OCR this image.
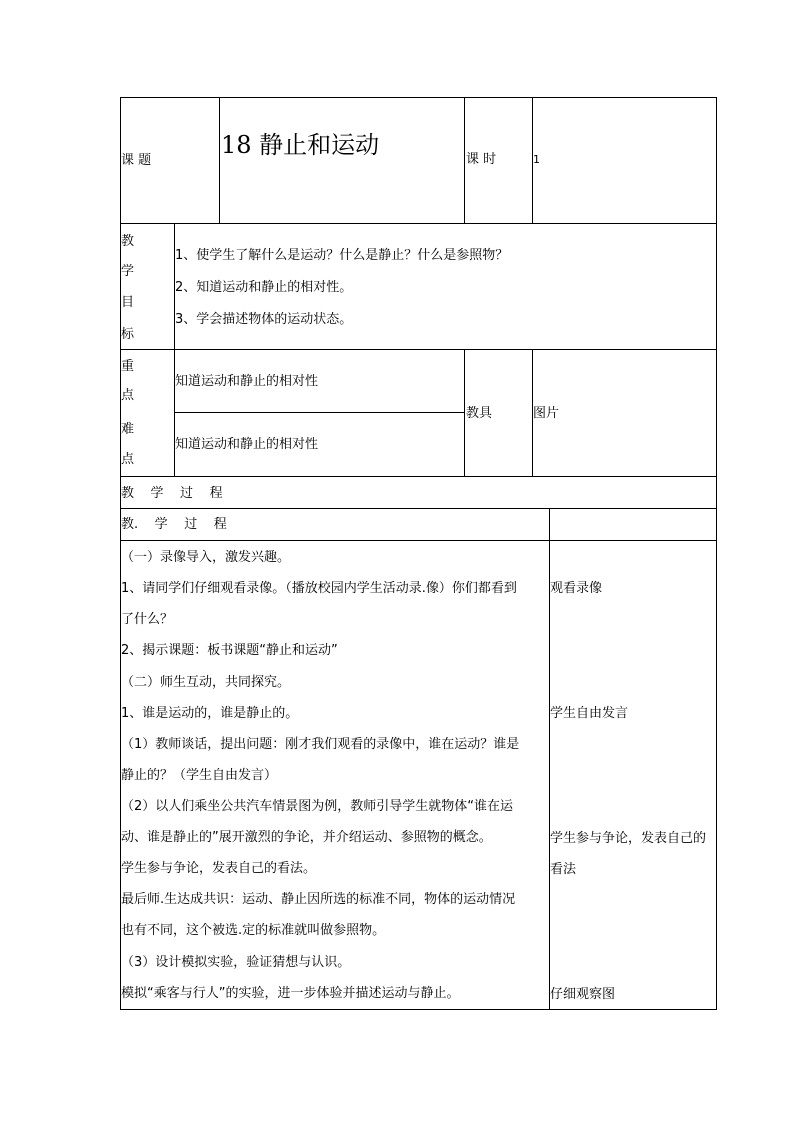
课 题
18 静止和运动
课 时	1
教
学
目
标
1、使学生了解什么是运动？什么是静止？什么是参照物？
2、知道运动和静止的相对性。
3、学会描述物体的运动状态。
重
点
知道运动和静止的相对性
难
点
知道运动和静止的相对性
教具	图片
教    学    过    程
教.    学    过    程
（一）录像导入，激发兴趣。
1、请同学们仔细观看录像。（播放校园内学生活动录.像）你们都看到
了什么？
2、揭示课题：板书课题“静止和运动”
（二）师生互动，共同探究。
1、谁是运动的，谁是静止的。
（1）教师谈话，提出问题：刚才我们观看的录像中，谁在运动？谁是
静止的？（学生自由发言）
（2）以人们乘坐公共汽车情景图为例，教师引导学生就物体“谁在运
动、谁是静止的”展开激烈的争论，并介绍运动、参照物的概念。
学生参与争论，发表自己的看法。
最后师.生达成共识：运动、静止因所选的标准不同，物体的运动情况
也有不同，这个被选.定的标准就叫做参照物。
（3）设计模拟实验，验证猜想与认识。
模拟“乘客与行人”的实验，进一步体验并描述运动与静止。
观看录像
学生自由发言
学生参与争论，发表自己的
看法
仔细观察图
